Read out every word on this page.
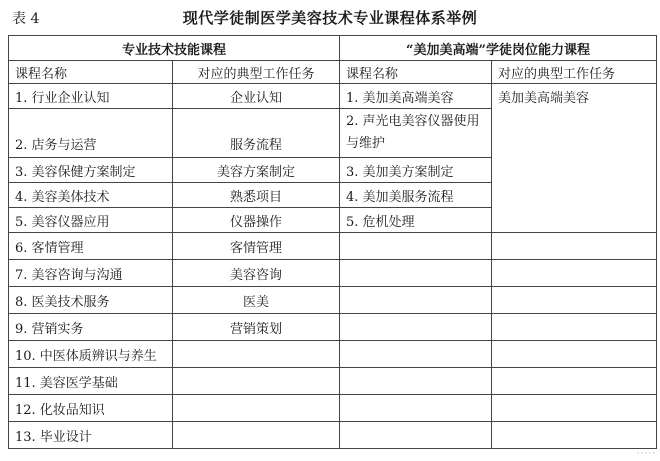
表 4	现代学徒制医学美容技术专业课程体系举例
专业技术技能课程		“美加美高端”学徒岗位能力课程	
课程名称	对应的典型工作任务	课程名称	对应的典型工作任务
1. 行业企业认知	企业认知	1. 美加美高端美容	美加美高端美容
2. 店务与运营	服务流程	2. 声光电美容仪器使用与维护	
3. 美容保健方案制定	美容方案制定	3. 美加美方案制定	
4. 美容美体技术	熟悉项目	4. 美加美服务流程	
5. 美容仪器应用	仪器操作	5. 危机处理	
6. 客情管理	客情管理		
7. 美容咨询与沟通	美容咨询		
8. 医美技术服务	医美		
9. 营销实务	营销策划		
10. 中医体质辨识与养生			
11. 美容医学基础			
12. 化妆品知识			
13. 毕业设计			
·····
